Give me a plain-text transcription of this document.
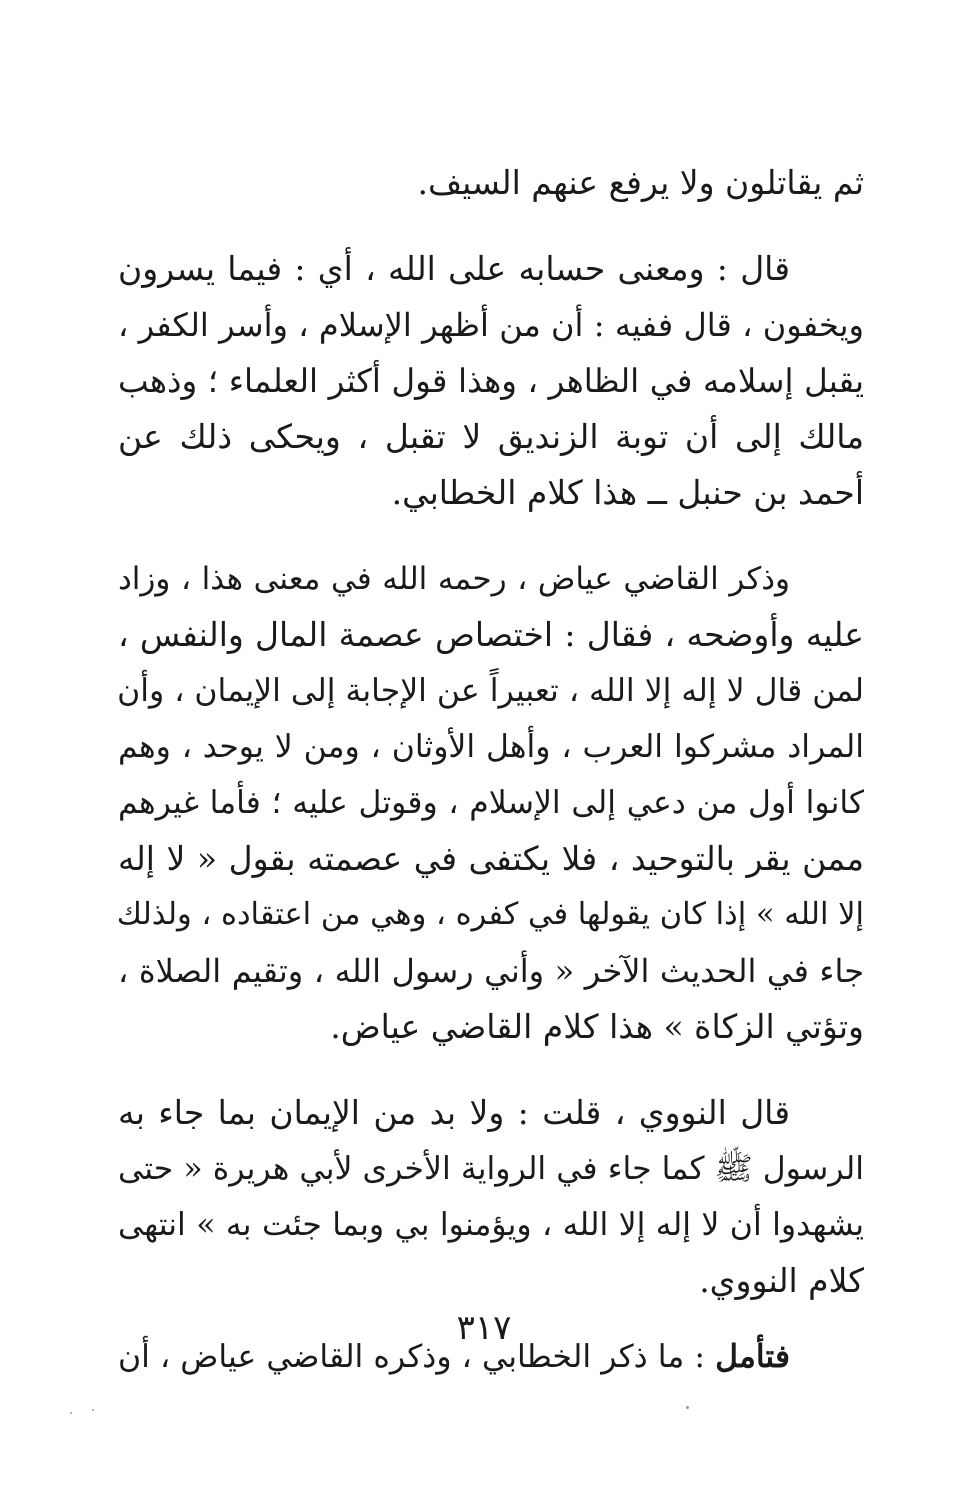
ثم يقاتلون ولا يرفع عنهم السيف.
قال : ومعنى حسابه على الله ، أي : فيما يسرون
ويخفون ، قال ففيه : أن من أظهر الإسلام ، وأسر الكفر ،
يقبل إسلامه في الظاهر ، وهذا قول أكثر العلماء ؛ وذهب
مالك إلى أن توبة الزنديق لا تقبل ، ويحكى ذلك عن
أحمد بن حنبل ــ هذا كلام الخطابي.
وذكر القاضي عياض ، رحمه الله في معنى هذا ، وزاد
عليه وأوضحه ، فقال : اختصاص عصمة المال والنفس ،
لمن قال لا إله إلا الله ، تعبيراً عن الإجابة إلى الإيمان ، وأن
المراد مشركوا العرب ، وأهل الأوثان ، ومن لا يوحد ، وهم
كانوا أول من دعي إلى الإسلام ، وقوتل عليه ؛ فأما غيرهم
ممن يقر بالتوحيد ، فلا يكتفى في عصمته بقول « لا إله
إلا الله » إذا كان يقولها في كفره ، وهي من اعتقاده ، ولذلك
جاء في الحديث الآخر « وأني رسول الله ، وتقيم الصلاة ،
وتؤتي الزكاة » هذا كلام القاضي عياض.
قال النووي ، قلت : ولا بد من الإيمان بما جاء به
الرسول ﷺ كما جاء في الرواية الأخرى لأبي هريرة « حتى
يشهدوا أن لا إله إلا الله ، ويؤمنوا بي وبما جئت به » انتهى
كلام النووي.
فتأمل : ما ذكر الخطابي ، وذكره القاضي عياض ، أن
٣١٧
